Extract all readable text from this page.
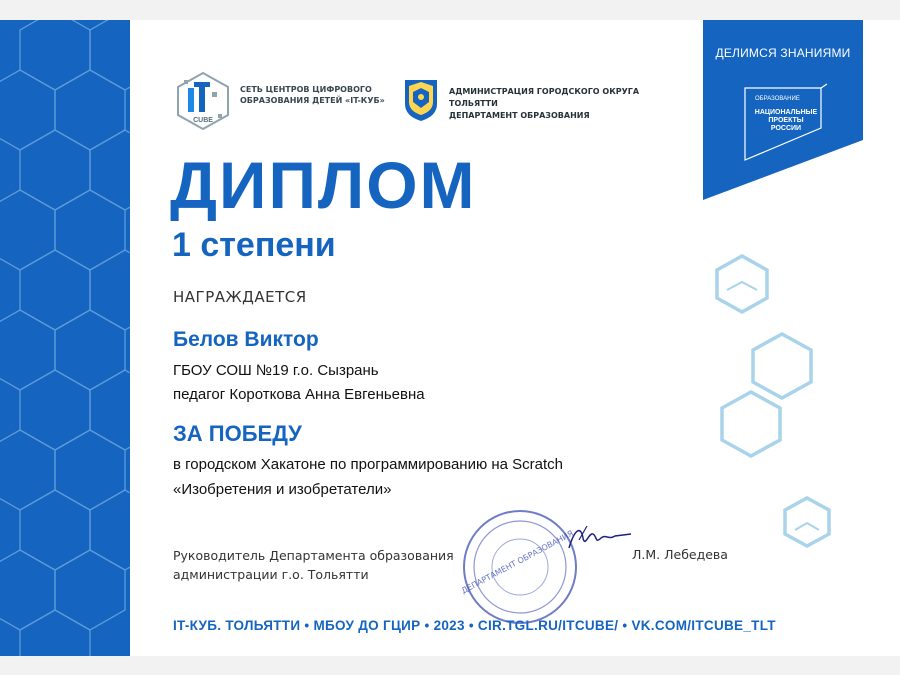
CUBE
СЕТЬ ЦЕНТРОВ ЦИФРОВОГО ОБРАЗОВАНИЯ ДЕТЕЙ «IT-КУБ»
АДМИНИСТРАЦИЯ ГОРОДСКОГО ОКРУГА ТОЛЬЯТТИ
ДЕПАРТАМЕНТ ОБРАЗОВАНИЯ
ДЕЛИМСЯ ЗНАНИЯМИ
ОБРАЗОВАНИЕ
НАЦИОНАЛЬНЫЕ ПРОЕКТЫ РОССИИ
ДИПЛОМ
1 степени
НАГРАЖДАЕТСЯ
Белов Виктор
ГБОУ СОШ №19 г.о. Сызрань
педагог Короткова Анна Евгеньевна
ЗА ПОБЕДУ
в городском Хакатоне по программированию на Scratch
«Изобретения и изобретатели»
Руководитель Департамента образования
администрации г.о. Тольятти
Л.М. Лебедева
ДЕПАРТАМЕНТ ОБРАЗОВАНИЯ
IT-КУБ. ТОЛЬЯТТИ • МБОУ ДО ГЦИР • 2023 • CIR.TGL.RU/ITCUBE/ • VK.COM/ITCUBE_TLT
